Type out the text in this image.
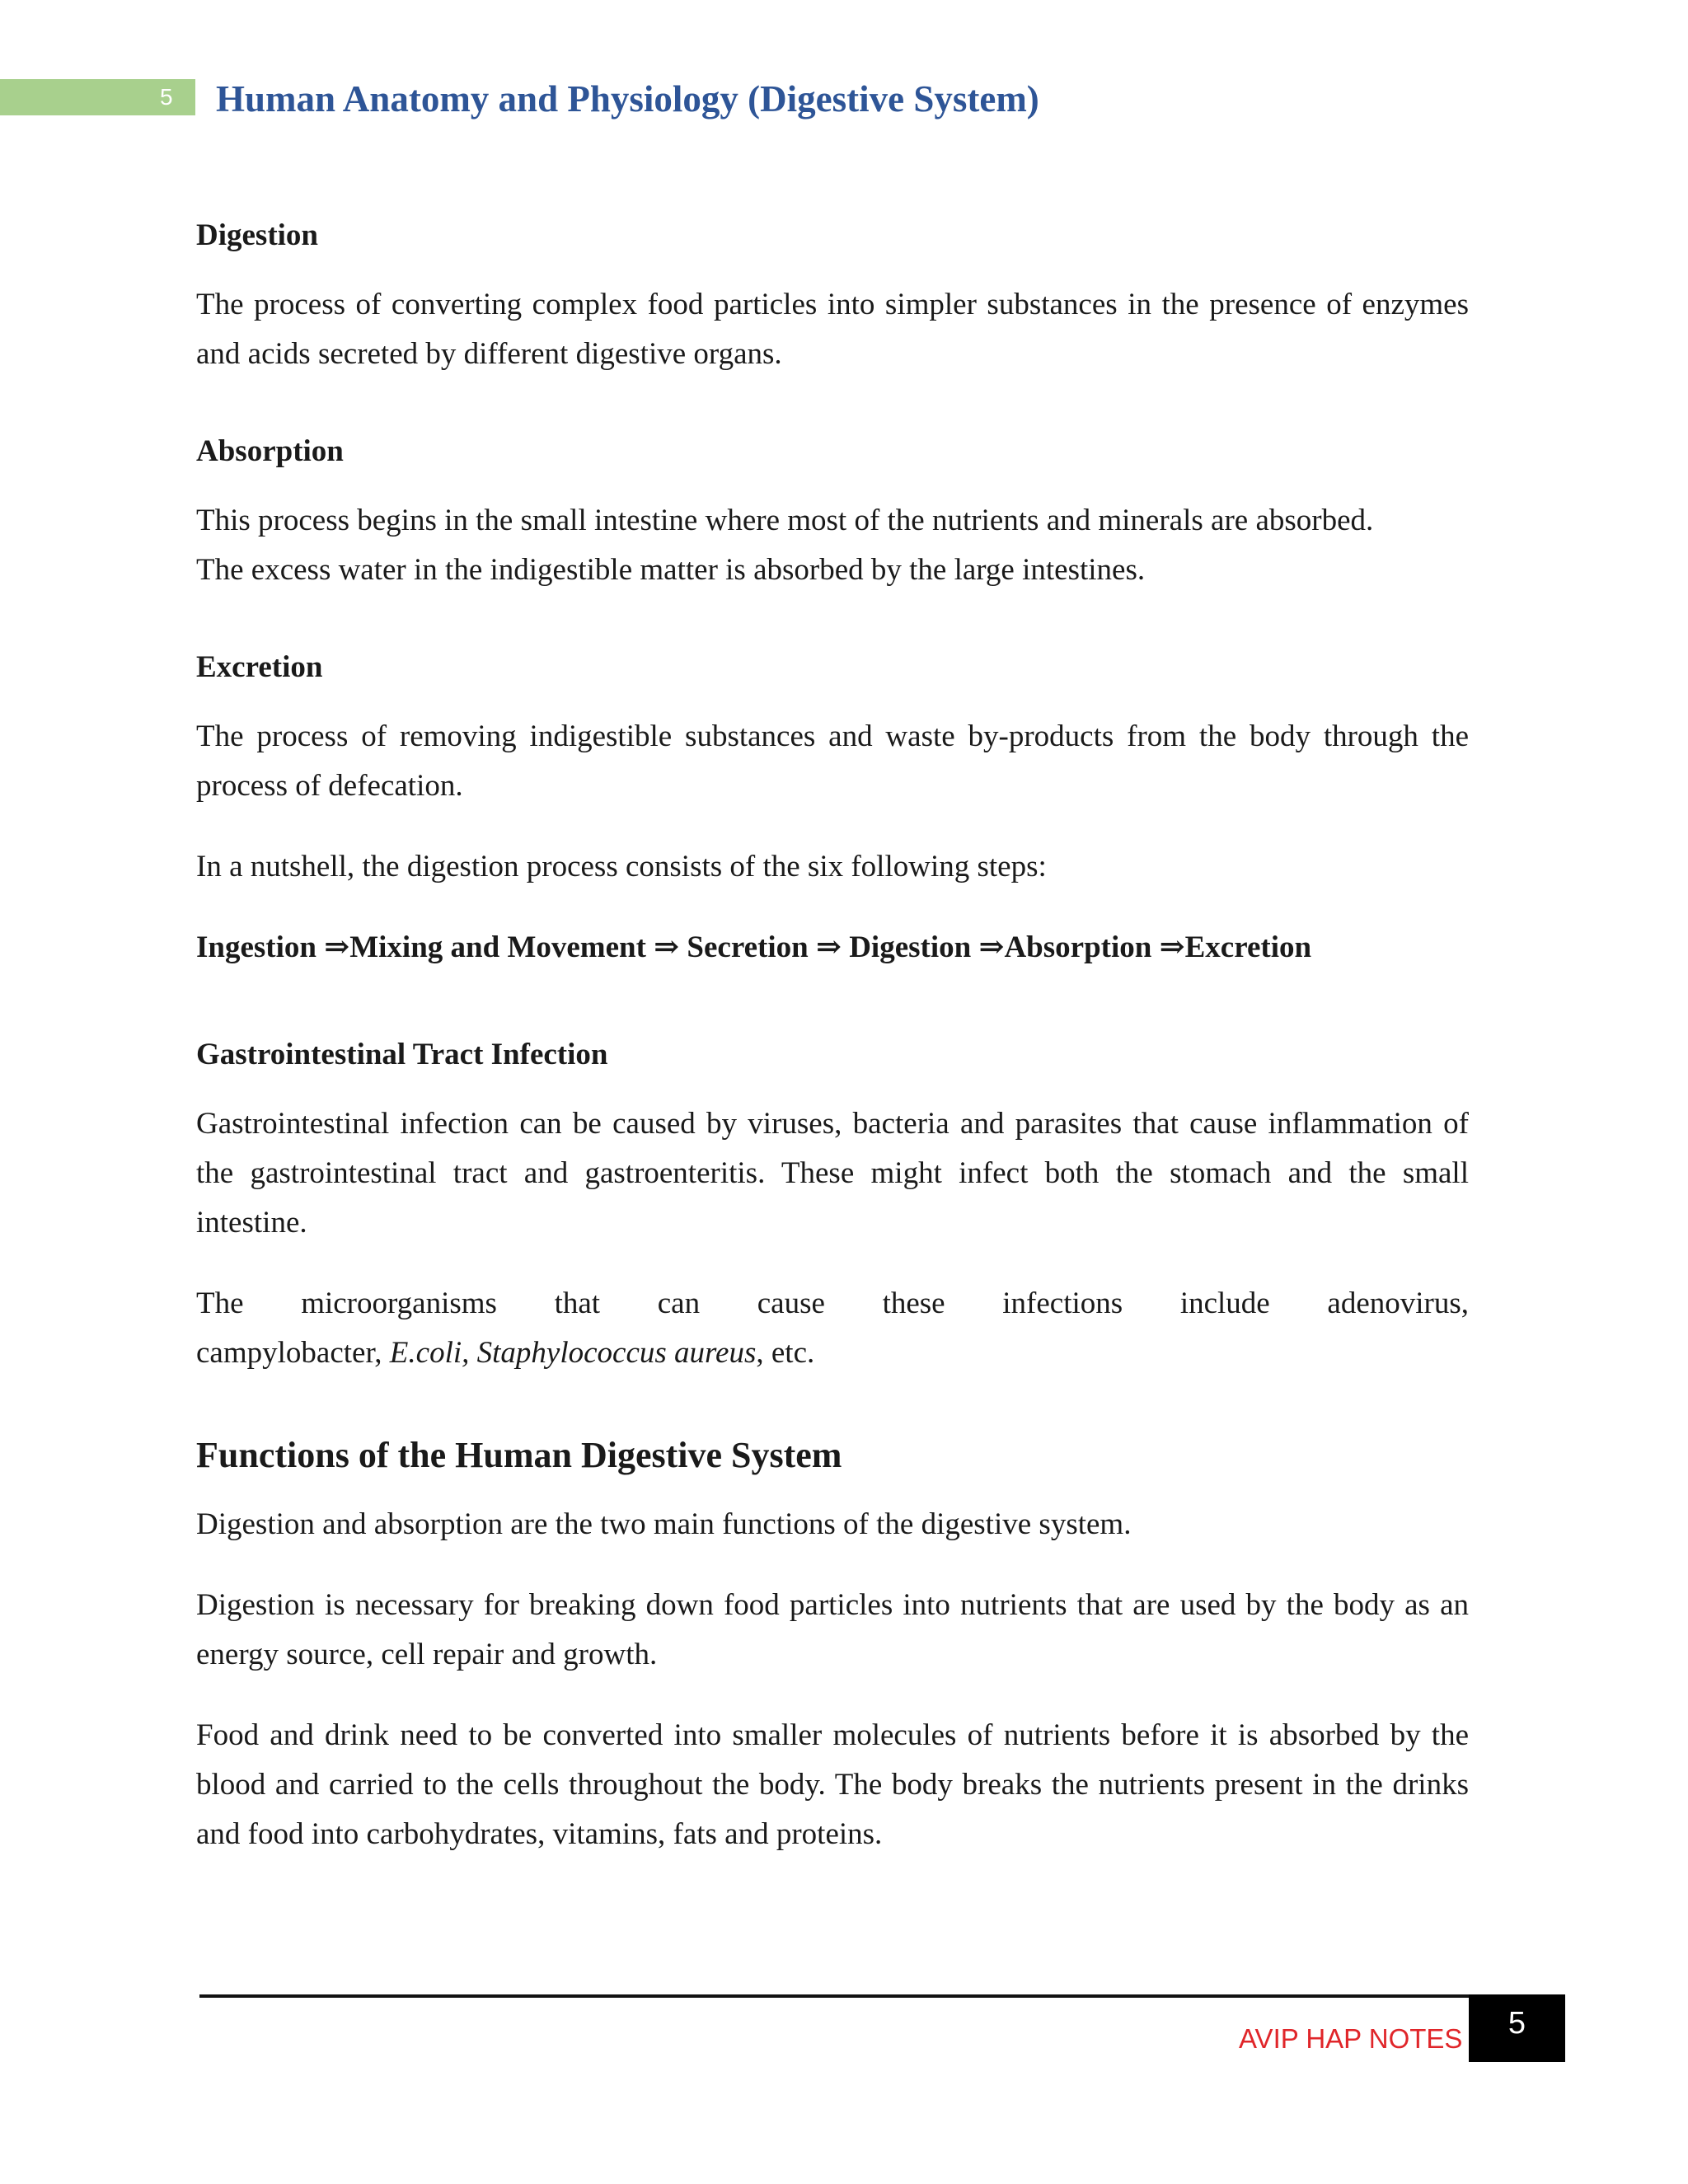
5 Human Anatomy and Physiology (Digestive System)
Digestion

The process of converting complex food particles into simpler substances in the presence of enzymes and acids secreted by different digestive organs.

Absorption

This process begins in the small intestine where most of the nutrients and minerals are absorbed.

The excess water in the indigestible matter is absorbed by the large intestines.

Excretion

The process of removing indigestible substances and waste by-products from the body through the process of defecation.

In a nutshell, the digestion process consists of the six following steps:

Ingestion ⇒Mixing and Movement ⇒ Secretion ⇒ Digestion ⇒Absorption ⇒Excretion
Gastrointestinal Tract Infection

Gastrointestinal infection can be caused by viruses, bacteria and parasites that cause inflammation of the gastrointestinal tract and gastroenteritis. These might infect both the stomach and the small intestine.

The microorganisms that can cause these infections include adenovirus,
campylobacter, E.coli, Staphylococcus aureus, etc.

Functions of the Human Digestive System

Digestion and absorption are the two main functions of the digestive system.

Digestion is necessary for breaking down food particles into nutrients that are used by the body as an energy source, cell repair and growth.

Food and drink need to be converted into smaller molecules of nutrients before it is absorbed by the blood and carried to the cells throughout the body. The body breaks the nutrients present in the drinks and food into carbohydrates, vitamins, fats and proteins.

AVIP HAP NOTES	5
